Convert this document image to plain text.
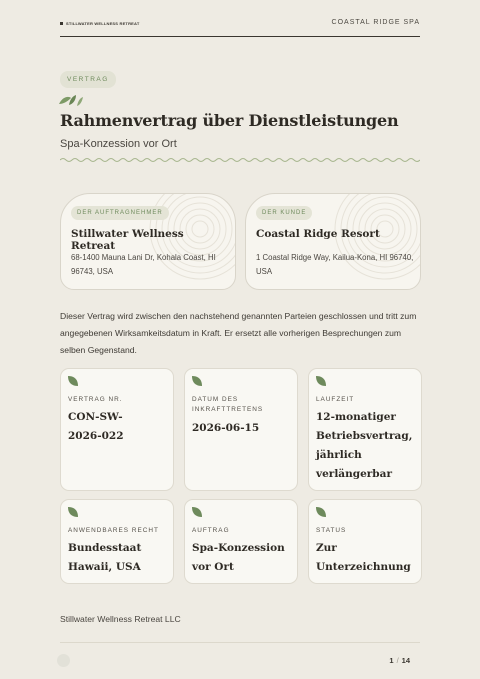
STILLWATER WELLNESS RETREAT	COASTAL RIDGE SPA
VERTRAG
Rahmenvertrag über Dienstleistungen
Spa-Konzession vor Ort
DER AUFTRAGNEHMER
Stillwater Wellness Retreat
68-1400 Mauna Lani Dr, Kohala Coast, HI 96743, USA
DER KUNDE
Coastal Ridge Resort
1 Coastal Ridge Way, Kailua-Kona, HI 96740, USA
Dieser Vertrag wird zwischen den nachstehend genannten Parteien geschlossen und tritt zum angegebenen Wirksamkeitsdatum in Kraft. Er ersetzt alle vorherigen Besprechungen zum selben Gegenstand.
VERTRAG NR.
CON-SW-2026-022
DATUM DES INKRAFTTRETENS
2026-06-15
LAUFZEIT
12-monatiger Betriebsvertrag, jährlich verlängerbar
ANWENDBARES RECHT
Bundesstaat Hawaii, USA
AUFTRAG
Spa-Konzession vor Ort
STATUS
Zur Unterzeichnung
Stillwater Wellness Retreat LLC
1 / 14
